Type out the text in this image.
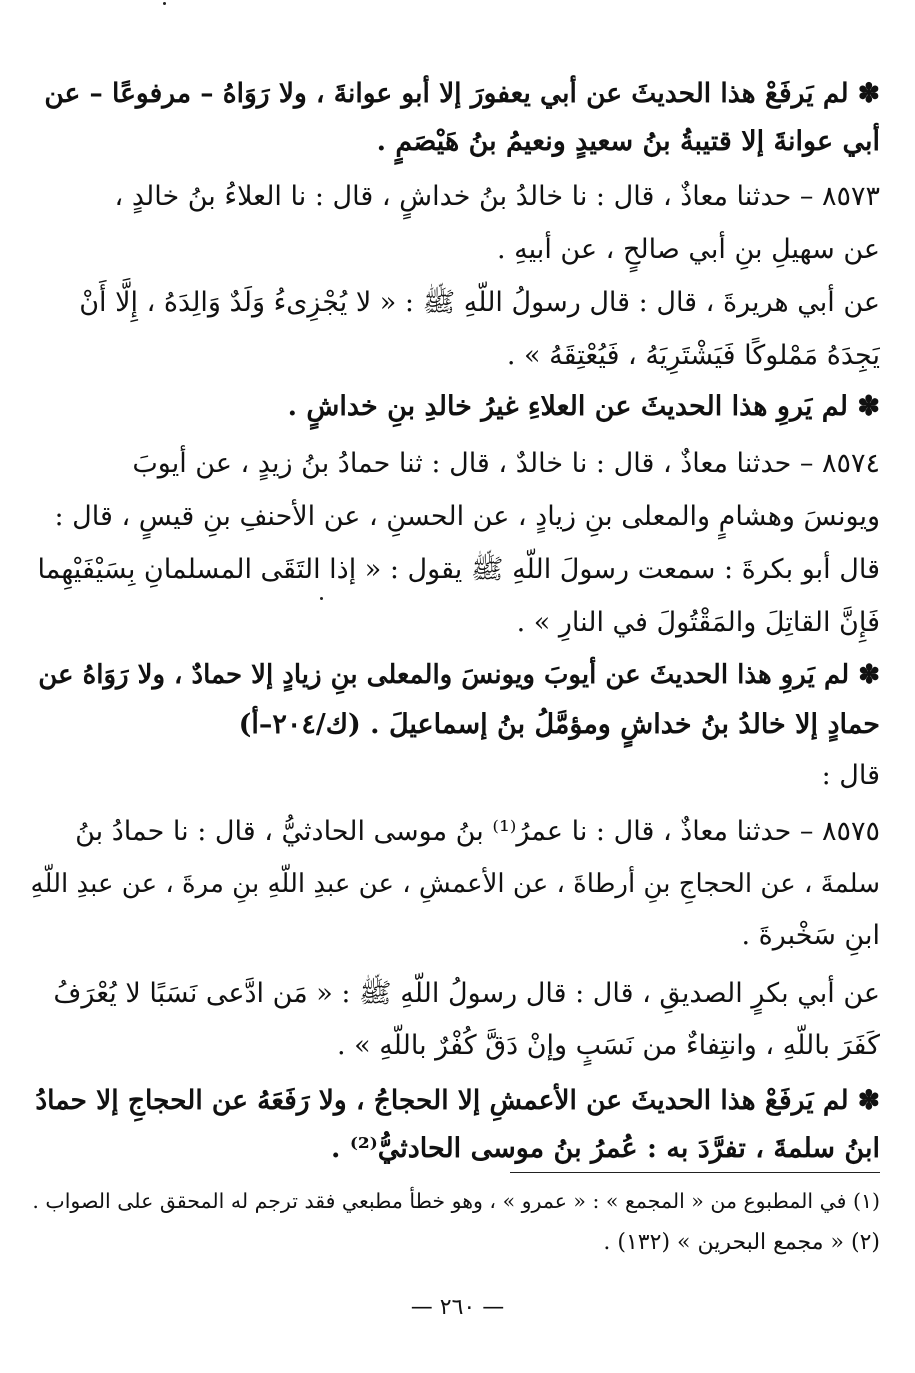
✽ لم يَرفَعْ هذا الحديثَ عن أبي يعفورَ إلا أبو عوانةَ ، ولا رَوَاهُ – مرفوعًا – عن
أبي عوانةَ إلا قتيبةُ بنُ سعيدٍ ونعيمُ بنُ هَيْصَمٍ .
٨٥٧٣ – حدثنا معاذٌ ، قال : نا خالدُ بنُ خداشٍ ، قال : نا العلاءُ بنُ خالدٍ ،
عن سهيلِ بنِ أبي صالحٍ ، عن أبيهِ .
عن أبي هريرةَ ، قال : قال رسولُ اللّهِ ﷺ : « لا يُجْزِىءُ وَلَدٌ وَالِدَهُ ، إِلَّا أَنْ
يَجِدَهُ مَمْلوكًا فَيَشْتَرِيَهُ ، فَيُعْتِقَهُ » .
✽ لم يَروِ هذا الحديثَ عن العلاءِ غيرُ خالدِ بنِ خداشٍ .
٨٥٧٤ – حدثنا معاذٌ ، قال : نا خالدٌ ، قال : ثنا حمادُ بنُ زيدٍ ، عن أيوبَ
ويونسَ وهشامٍ والمعلى بنِ زيادٍ ، عن الحسنِ ، عن الأحنفِ بنِ قيسٍ ، قال :
قال أبو بكرةَ : سمعت رسولَ اللّهِ ﷺ يقول : « إذا التَقَى المسلمانِ بِسَيْفَيْهِما
فَإِنَّ القاتِلَ والمَقْتُولَ في النارِ » .
✽ لم يَروِ هذا الحديثَ عن أيوبَ ويونسَ والمعلى بنِ زيادٍ إلا حمادٌ ، ولا رَوَاهُ عن
حمادٍ إلا خالدُ بنُ خداشٍ ومؤمَّلُ بنُ إسماعيلَ . (ك/٢٠٤–أ)
قال :
٨٥٧٥ – حدثنا معاذٌ ، قال : نا عمرُ⁽¹⁾ بنُ موسى الحادثيُّ ، قال : نا حمادُ بنُ
سلمةَ ، عن الحجاجِ بنِ أرطاةَ ، عن الأعمشِ ، عن عبدِ اللّهِ بنِ مرةَ ، عن عبدِ اللّهِ
ابنِ سَخْبرةَ .
عن أبي بكرٍ الصديقِ ، قال : قال رسولُ اللّهِ ﷺ : « مَن ادَّعى نَسَبًا لا يُعْرَفُ
كَفَرَ باللّهِ ، وانتِفاءٌ من نَسَبٍ وإنْ دَقَّ كُفْرٌ باللّهِ » .
✽ لم يَرفَعْ هذا الحديثَ عن الأعمشِ إلا الحجاجُ ، ولا رَفَعَهُ عن الحجاجِ إلا حمادُ
ابنُ سلمةَ ، تفرَّدَ به : عُمرُ بنُ موسى الحادثيُّ⁽²⁾ .
(١) في المطبوع من « المجمع » : « عمرو » ، وهو خطأ مطبعي فقد ترجم له المحقق على الصواب .
(٢) « مجمع البحرين » (١٣٢) .
— ٢٦٠ —
